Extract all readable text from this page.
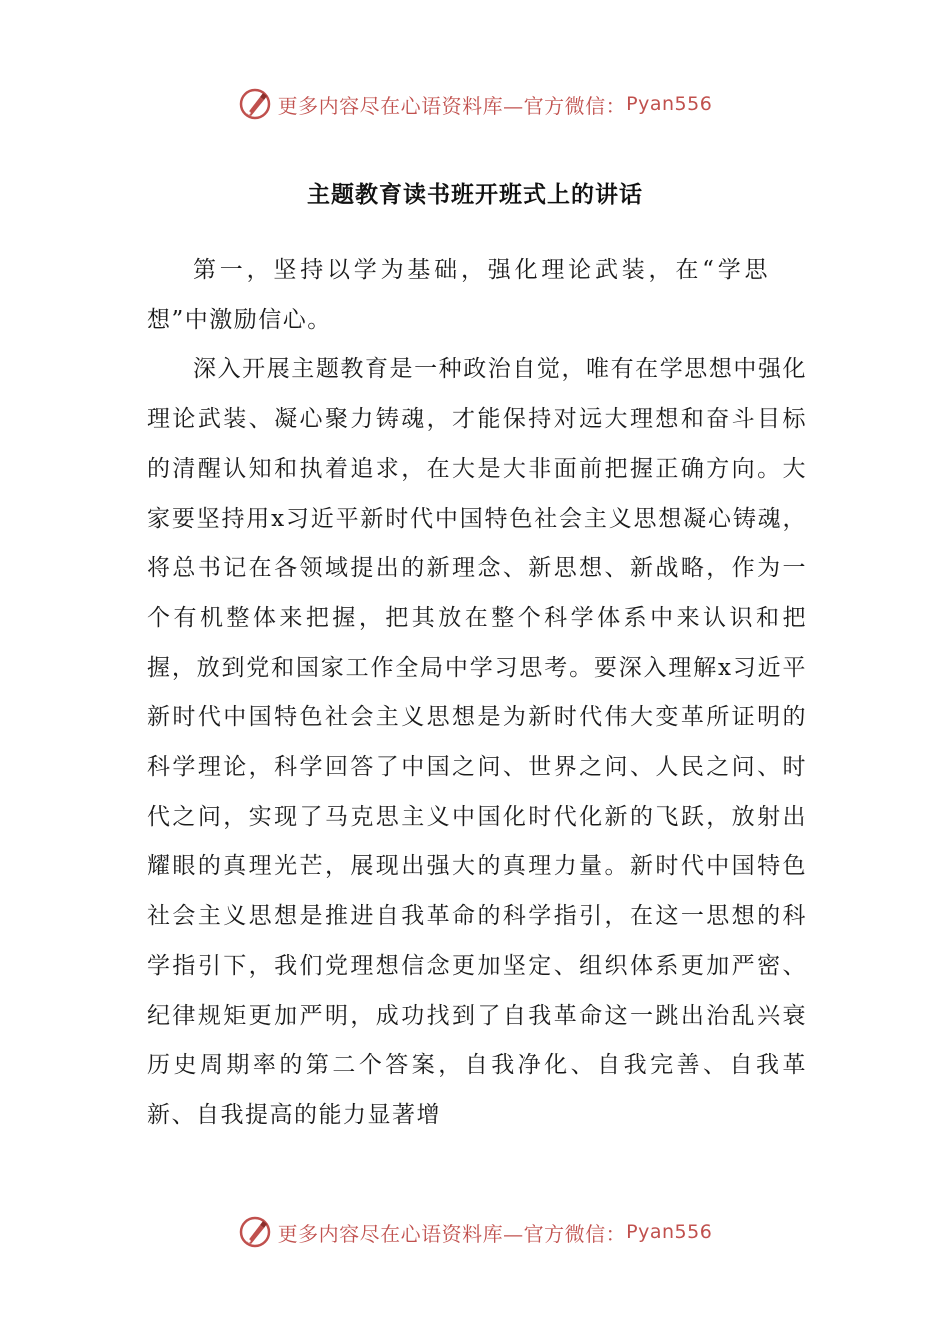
更多内容尽在心语资料库—官方微信： Pyan556
主题教育读书班开班式上的讲话

第一，坚持以学为基础，强化理论武装，在“学思想”中激励信心。

深入开展主题教育是一种政治自觉，唯有在学思想中强化理论武装、凝心聚力铸魂，才能保持对远大理想和奋斗目标的清醒认知和执着追求，在大是大非面前把握正确方向。大家要坚持用x习近平新时代中国特色社会主义思想凝心铸魂，将总书记在各领域提出的新理念、新思想、新战略，作为一个有机整体来把握，把其放在整个科学体系中来认识和把握，放到党和国家工作全局中学习思考。要深入理解x习近平新时代中国特色社会主义思想是为新时代伟大变革所证明的科学理论，科学回答了中国之问、世界之问、人民之问、时代之问，实现了马克思主义中国化时代化新的飞跃，放射出耀眼的真理光芒，展现出强大的真理力量。新时代中国特色社会主义思想是推进自我革命的科学指引，在这一思想的科学指引下，我们党理想信念更加坚定、组织体系更加严密、纪律规矩更加严明，成功找到了自我革命这一跳出治乱兴衰历史周期率的第二个答案，自我净化、自我完善、自我革新、自我提高的能力显著增

更多内容尽在心语资料库—官方微信： Pyan556
